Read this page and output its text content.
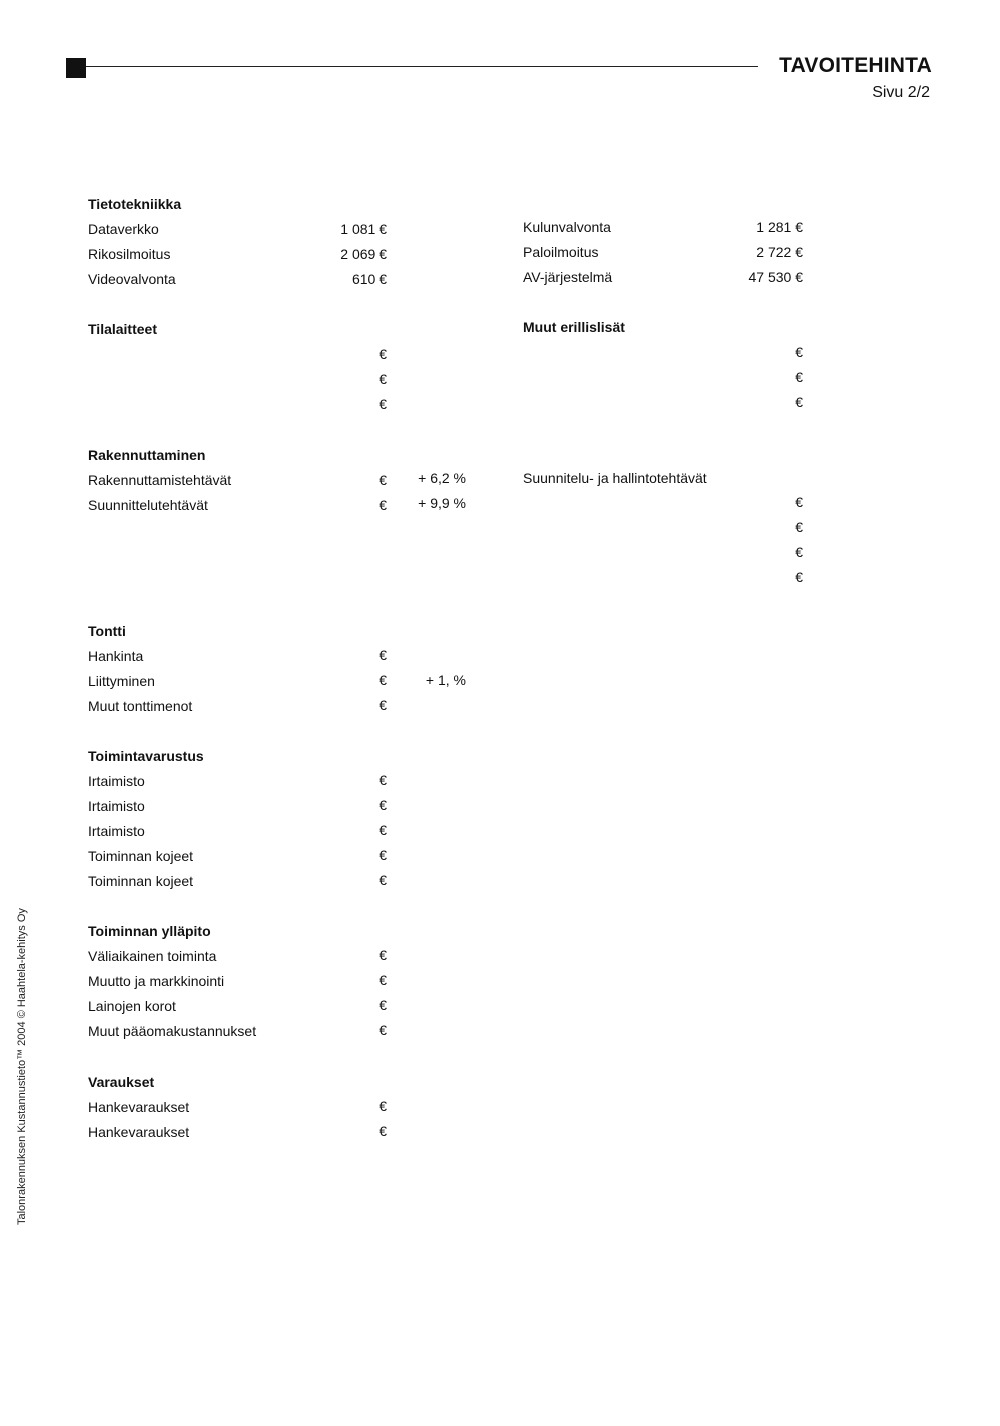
TAVOITEHINTA
Sivu 2/2
Tietotekniikka
Dataverkko	1 081 €
Rikosilmoitus	2 069 €
Videovalvonta	610 €
Kulunvalvonta	1 281 €
Paloilmoitus	2 722 €
AV-järjestelmä	47 530 €
Tilalaitteet
€
€
€
Muut erillislisät
€
€
€
Rakennuttaminen
Rakennuttamistehtävät	€ + 6,2 %
Suunnittelutehtävät	€ + 9,9 %
Suunnitelu- ja hallintotehtävät
€
€
€
€
Tontti
Hankinta	€
Liittyminen	€	+ 1, %
Muut tonttimenot	€
Toimintavarustus
Irtaimisto	€
Irtaimisto	€
Irtaimisto	€
Toiminnan kojeet	€
Toiminnan kojeet	€
Toiminnan ylläpito
Väliaikainen toiminta	€
Muutto ja markkinointi	€
Lainojen korot	€
Muut pääomakustannukset	€
Varaukset
Hankevaraukset	€
Hankevaraukset	€
Talonrakennuksen Kustannustieto™ 2004 © Haahtela-kehitys Oy
